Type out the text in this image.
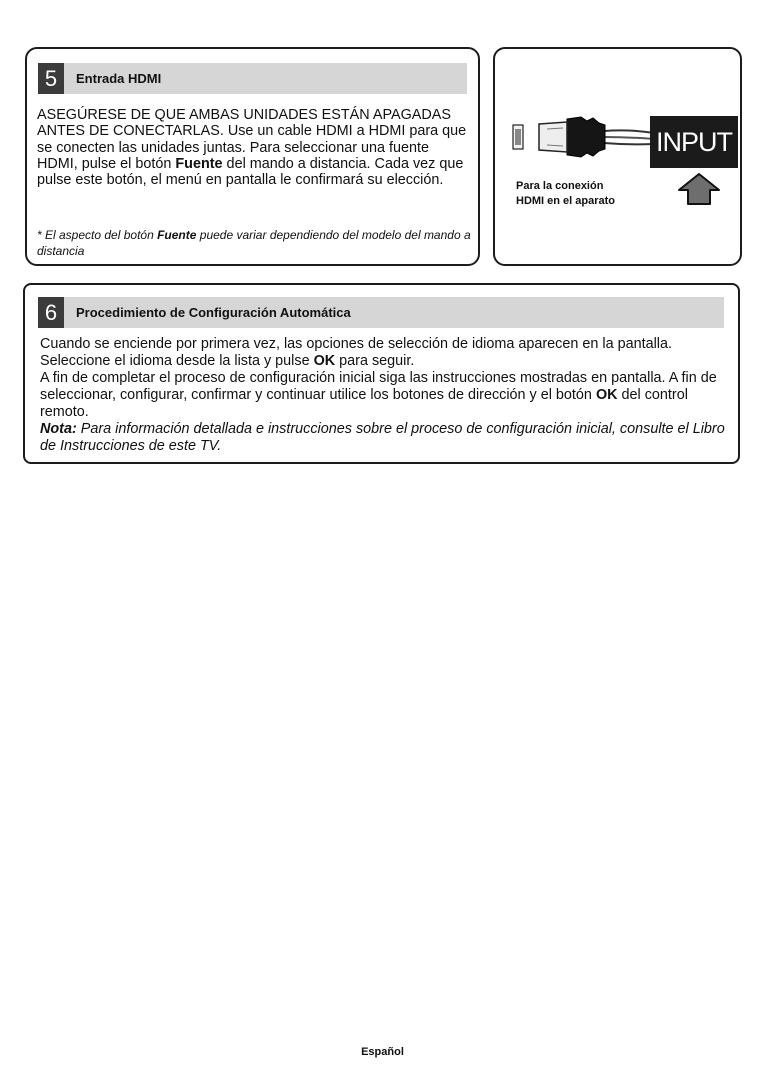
5	Entrada HDMI

ASEGÚRESE DE QUE AMBAS UNIDADES ESTÁN APAGADAS ANTES DE CONECTARLAS. Use un cable HDMI a HDMI para que se conecten las unidades juntas. Para seleccionar una fuente HDMI, pulse el botón Fuente del mando a distancia. Cada vez que pulse este botón, el menú en pantalla le confirmará su elección.

* El aspecto del botón Fuente puede variar dependiendo del modelo del mando a distancia
INPUT
Para la conexión
HDMI en el aparato
6	Procedimiento de Configuración Automática

Cuando se enciende por primera vez, las opciones de selección de idioma aparecen en la pantalla. Seleccione el idioma desde la lista y pulse OK para seguir.

A fin de completar el proceso de configuración inicial siga las instrucciones mostradas en pantalla. A fin de seleccionar, configurar, confirmar y continuar utilice los botones de dirección y el botón OK del control remoto.

Nota: Para información detallada e instrucciones sobre el proceso de configuración inicial, consulte el Libro de Instrucciones de este TV.

Español
